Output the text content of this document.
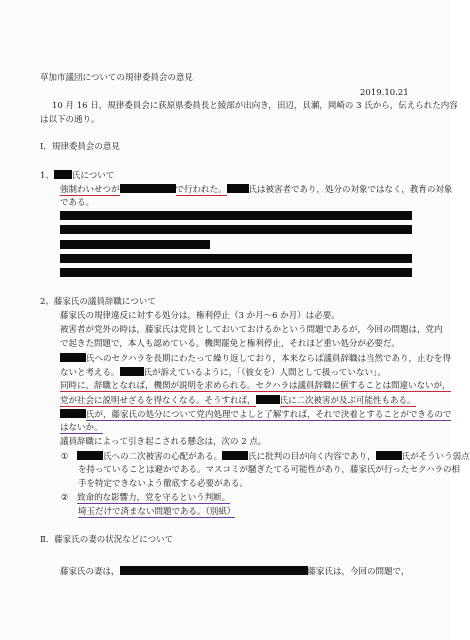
草加市議団についての規律委員会の意見
2019.10.21
10 月 16 日，規律委員会に荻原県委員長と綾部が出向き，田辺，貝瀬，岡崎の 3 氏から，伝えられた内容
は以下の通り。
Ⅰ．規律委員会の意見
1、 氏について
強制わいせつが	で行われた。	氏は被害者であり，処分の対象ではなく，教育の対象
である。
2、藤家氏の議員辞職について
藤家氏の規律違反に対する処分は，権利停止（3 か月～6 か月）は必要。
被害者が党外の時は，藤家氏は党員としておいておけるかという問題であるが，今回の問題は，党内
で起きた問題で，本人も認めている。機関罷免と権利停止，それほど重い処分が必要だ。
氏へのセクハラを長期にわたって繰り返しており，本来ならば議員辞職は当然であり，止むを得
ないと考える。	氏が訴えているように，「（彼女を）人間として扱っていない」。
同時に，辞職となれば，機関が説明を求められる。セクハラは議員辞職に値することは間違いないが，
党が社会に説明せざるを得なくなる。そうすれば，	氏に二次被害が及ぶ可能性もある。
氏が，藤家氏の処分について党内処理でよしと了解すれば，それで決着とすることができるので
はないか。
議員辞職によって引き起こされる懸念は，次の 2 点。
①	氏への二次被害の心配がある。	氏に批判の目が向く内容であり，	氏がそういう弱点
を持っていることは避かである。マスコミが騒ぎたてる可能性があり，藤家氏が行ったセクハラの相
手を特定できないよう徹底する必要がある。
② 致命的な影響力，党を守るという判断。
埼玉だけで済まない問題である。（別紙）
Ⅱ．藤家氏の妻の状況などについて
藤家氏の妻は，	藤家氏は，今回の問題で，
